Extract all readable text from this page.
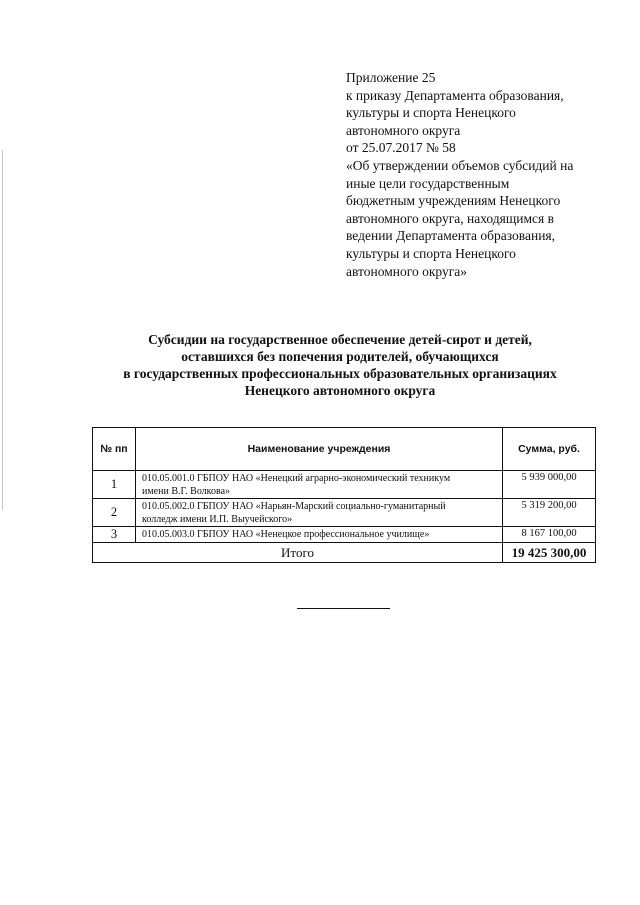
Приложение 25
к приказу Департамента образования,
культуры и спорта Ненецкого
автономного округа
от 25.07.2017 № 58
«Об утверждении объемов субсидий на
иные цели государственным
бюджетным учреждениям Ненецкого
автономного округа, находящимся в
ведении Департамента образования,
культуры и спорта Ненецкого
автономного округа»
Субсидии на государственное обеспечение детей-сирот и детей,
оставшихся без попечения родителей, обучающихся
в государственных профессиональных образовательных организациях
Ненецкого автономного округа
№ пп	Наименование учреждения	Сумма, руб.
1	010.05.001.0 ГБПОУ НАО «Ненецкий аграрно-экономический техникум
имени В.Г. Волкова»	5 939 000,00
2	010.05.002.0 ГБПОУ НАО «Нарьян-Марский социально-гуманитарный
колледж имени И.П. Выучейского»	5 319 200,00
3	010.05.003.0 ГБПОУ НАО «Ненецкое профессиональное училище»	8 167 100,00
Итого		19 425 300,00
